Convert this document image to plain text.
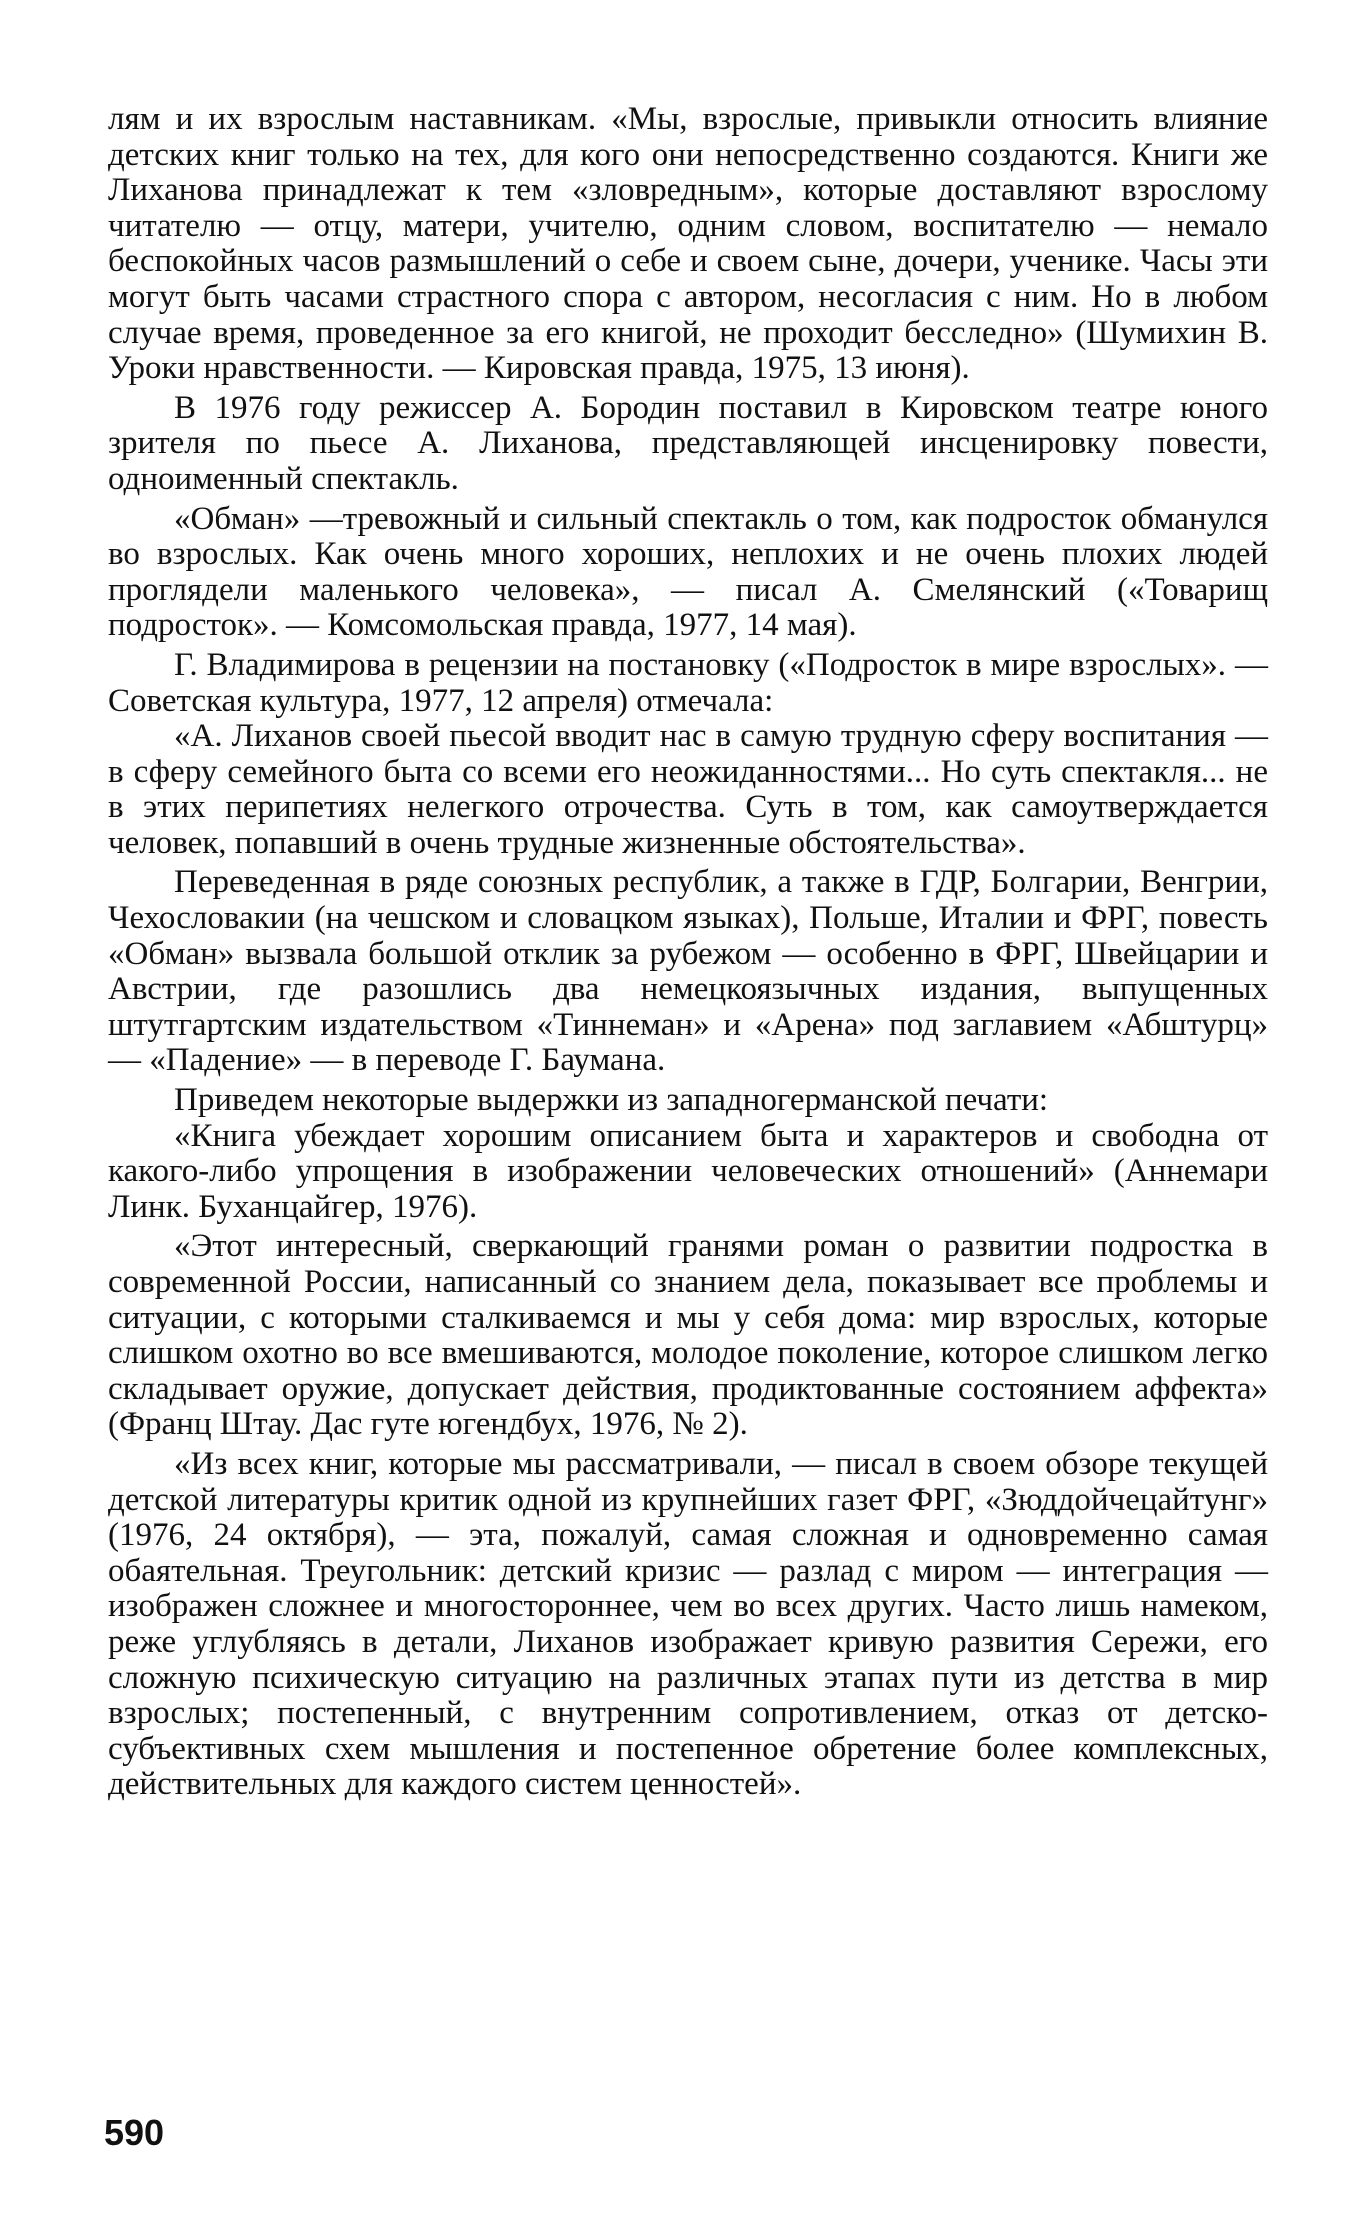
лям и их взрослым наставникам. «Мы, взрослые, привыкли относить влияние детских книг только на тех, для кого они непосредственно создаются. Книги же Лиханова принадлежат к тем «зловредным», которые доставляют взрослому читателю — отцу, матери, учителю, одним словом, воспитателю — немало беспокойных часов размышлений о себе и своем сыне, дочери, ученике. Часы эти могут быть часами страстного спора с автором, несогласия с ним. Но в любом случае время, проведенное за его книгой, не проходит бесследно» (Шумихин В. Уроки нравственности. — Кировская правда, 1975, 13 июня).

В 1976 году режиссер А. Бородин поставил в Кировском театре юного зрителя по пьесе А. Лиханова, представляющей инсценировку повести, одноименный спектакль.

«Обман» —тревожный и сильный спектакль о том, как подросток обманулся во взрослых. Как очень много хороших, неплохих и не очень плохих людей проглядели маленького человека», — писал А. Смелянский («Товарищ подросток». — Комсомольская правда, 1977, 14 мая).

Г. Владимирова в рецензии на постановку («Подросток в мире взрослых». — Советская культура, 1977, 12 апреля) отмечала:

«А. Лиханов своей пьесой вводит нас в самую трудную сферу воспитания — в сферу семейного быта со всеми его неожиданностями... Но суть спектакля... не в этих перипетиях нелегкого отрочества. Суть в том, как самоутверждается человек, попавший в очень трудные жизненные обстоятельства».

Переведенная в ряде союзных республик, а также в ГДР, Болгарии, Венгрии, Чехословакии (на чешском и словацком языках), Польше, Италии и ФРГ, повесть «Обман» вызвала большой отклик за рубежом — особенно в ФРГ, Швейцарии и Австрии, где разошлись два немецкоязычных издания, выпущенных штутгартским издательством «Тиннеман» и «Арена» под заглавием «Абштурц» — «Падение» — в переводе Г. Баумана.

Приведем некоторые выдержки из западногерманской печати:

«Книга убеждает хорошим описанием быта и характеров и свободна от какого-либо упрощения в изображении человеческих отношений» (Аннемари Линк. Буханцайгер, 1976).

«Этот интересный, сверкающий гранями роман о развитии подростка в современной России, написанный со знанием дела, показывает все проблемы и ситуации, с которыми сталкиваемся и мы у себя дома: мир взрослых, которые слишком охотно во все вмешиваются, молодое поколение, которое слишком легко складывает оружие, допускает действия, продиктованные состоянием аффекта» (Франц Штау. Дас гуте югендбух, 1976, № 2).

«Из всех книг, которые мы рассматривали, — писал в своем обзоре текущей детской литературы критик одной из крупнейших газет ФРГ, «Зюддойчецайтунг» (1976, 24 октября), — эта, пожалуй, самая сложная и одновременно самая обаятельная. Треугольник: детский кризис — разлад с миром — интеграция — изображен сложнее и многостороннее, чем во всех других. Часто лишь намеком, реже углубляясь в детали, Лиханов изображает кривую развития Сережи, его сложную психическую ситуацию на различных этапах пути из детства в мир взрослых; постепенный, с внутренним сопротивлением, отказ от детско-субъективных схем мышления и постепенное обретение более комплексных, действительных для каждого систем ценностей».

590
